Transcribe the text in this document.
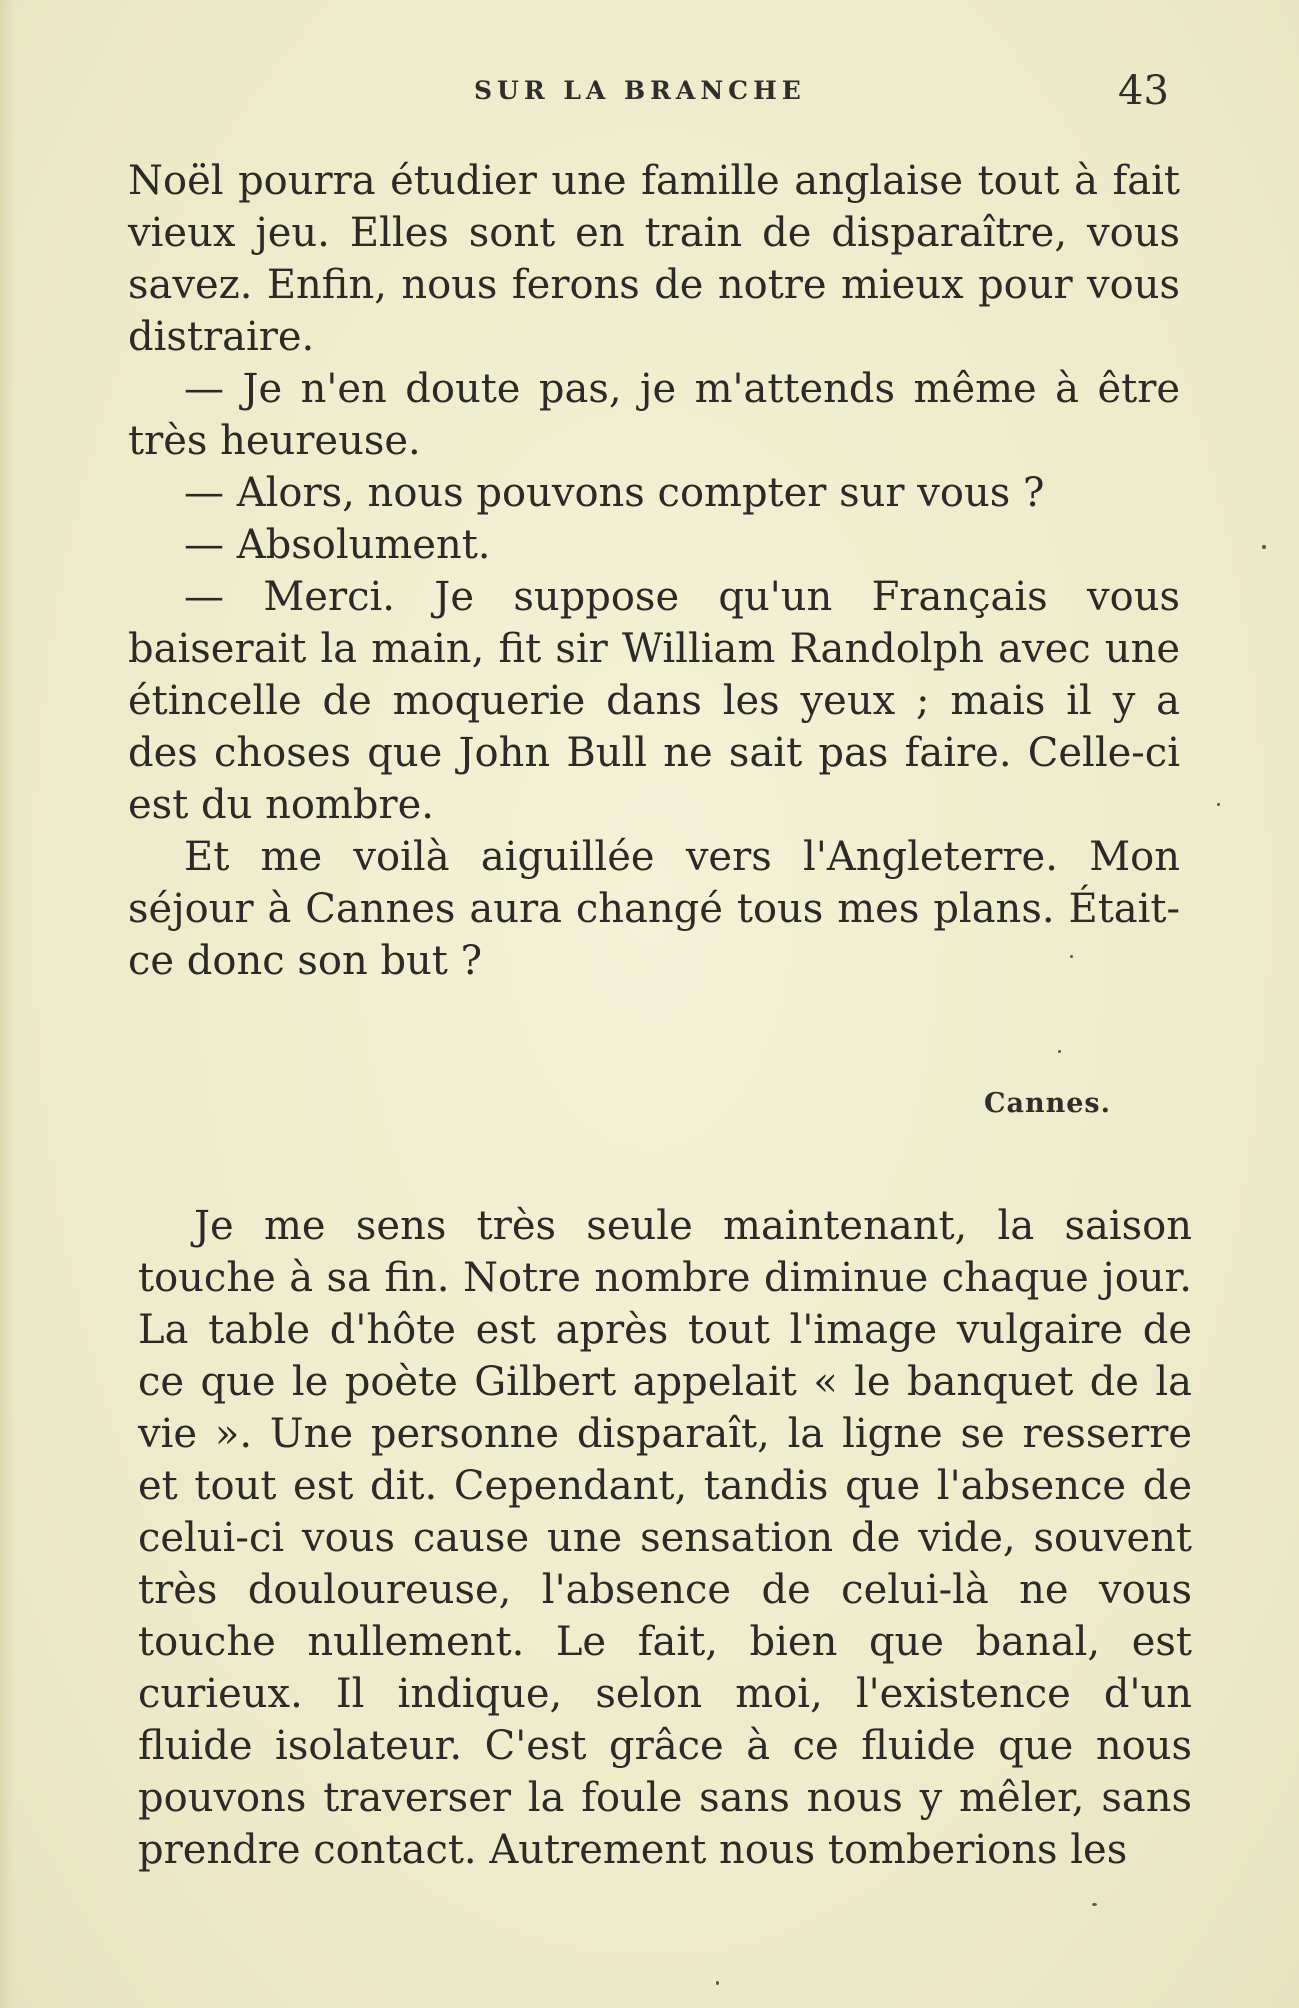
SUR LA BRANCHE	43

Noël pourra étudier une famille anglaise tout à fait vieux jeu. Elles sont en train de disparaître, vous savez. Enfin, nous ferons de notre mieux pour vous distraire.

— Je n'en doute pas, je m'attends même à être très heureuse.

— Alors, nous pouvons compter sur vous ?

— Absolument.

— Merci. Je suppose qu'un Français vous baiserait la main, fit sir William Randolph avec une étincelle de moquerie dans les yeux ; mais il y a des choses que John Bull ne sait pas faire. Celle-ci est du nombre.

Et me voilà aiguillée vers l'Angleterre. Mon séjour à Cannes aura changé tous mes plans. Était-ce donc son but ?

Cannes.

Je me sens très seule maintenant, la saison touche à sa fin. Notre nombre diminue chaque jour. La table d'hôte est après tout l'image vulgaire de ce que le poète Gilbert appelait « le banquet de la vie ». Une personne disparaît, la ligne se resserre et tout est dit. Cependant, tandis que l'absence de celui-ci vous cause une sensation de vide, souvent très douloureuse, l'absence de celui-là ne vous touche nullement. Le fait, bien que banal, est curieux. Il indique, selon moi, l'existence d'un fluide isolateur. C'est grâce à ce fluide que nous pouvons traverser la foule sans nous y mêler, sans prendre contact. Autrement nous tomberions les
